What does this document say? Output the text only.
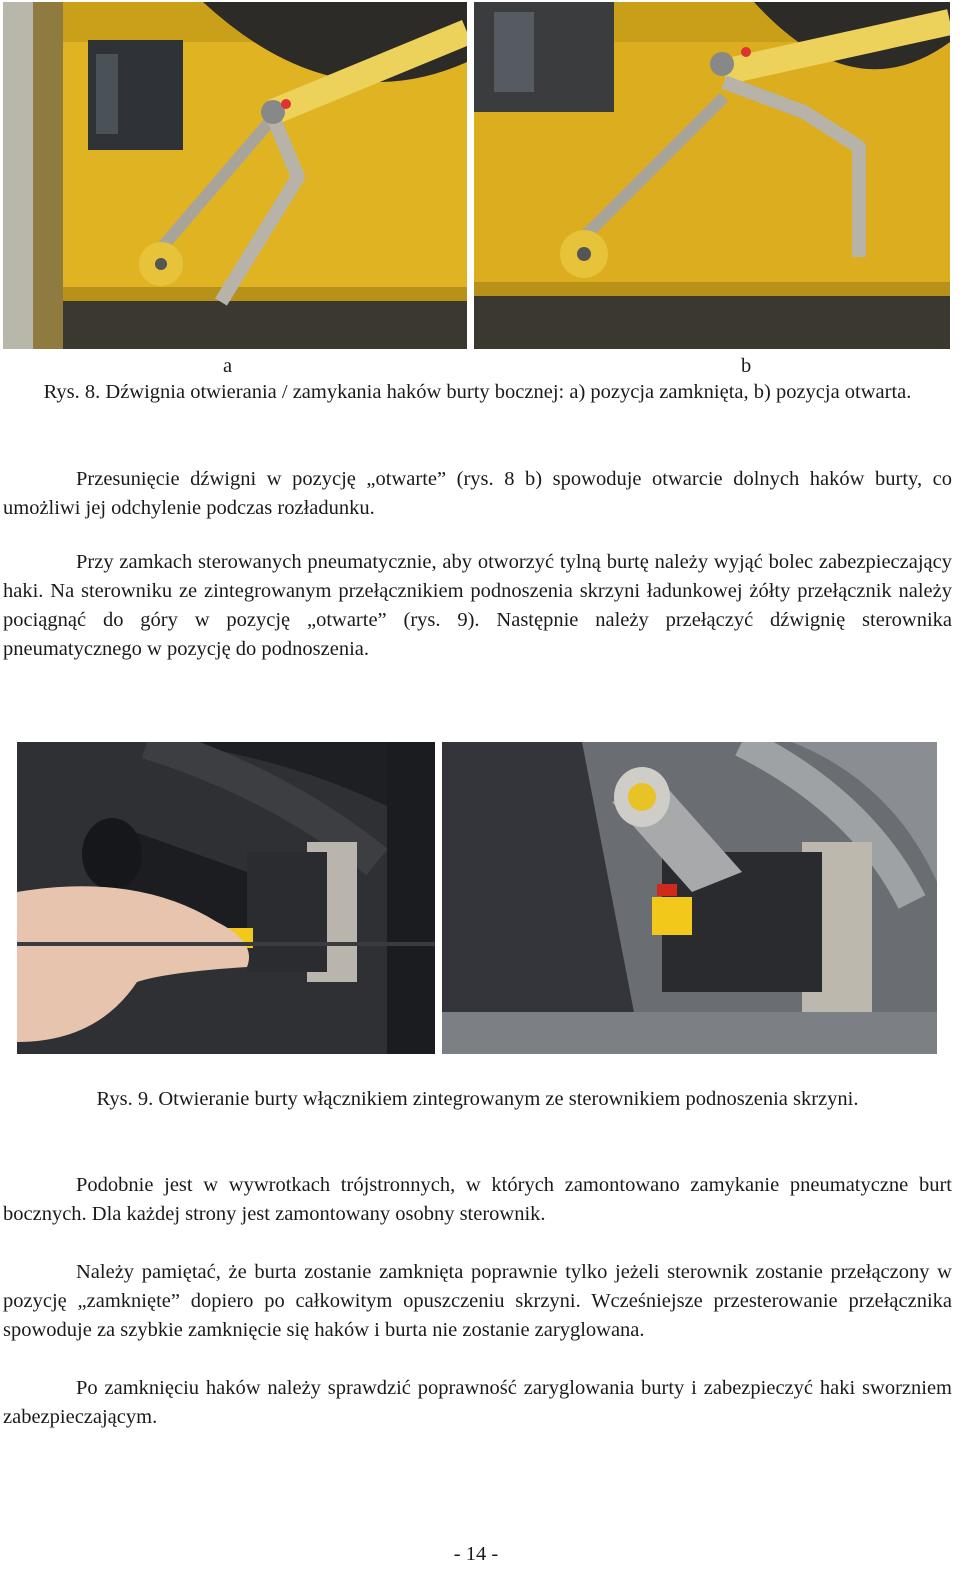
a	b
Rys. 8. Dźwignia otwierania / zamykania haków burty bocznej: a) pozycja zamknięta, b) pozycja otwarta.
Przesunięcie dźwigni w pozycję „otwarte” (rys. 8 b) spowoduje otwarcie dolnych haków burty, co umożliwi jej odchylenie podczas rozładunku.
Przy zamkach sterowanych pneumatycznie, aby otworzyć tylną burtę należy wyjąć bolec zabezpieczający haki. Na sterowniku ze zintegrowanym przełącznikiem podnoszenia skrzyni ładunkowej żółty przełącznik należy pociągnąć do góry w pozycję „otwarte” (rys. 9). Następnie należy przełączyć dźwignię sterownika pneumatycznego w pozycję do podnoszenia.
Rys. 9. Otwieranie burty włącznikiem zintegrowanym ze sterownikiem podnoszenia skrzyni.
Podobnie jest w wywrotkach trójstronnych, w których zamontowano zamykanie pneumatyczne burt bocznych. Dla każdej strony jest zamontowany osobny sterownik.
Należy pamiętać, że burta zostanie zamknięta poprawnie tylko jeżeli sterownik zostanie przełączony w pozycję „zamknięte” dopiero po całkowitym opuszczeniu skrzyni. Wcześniejsze przesterowanie przełącznika spowoduje za szybkie zamknięcie się haków i burta nie zostanie zaryglowana.
Po zamknięciu haków należy sprawdzić poprawność zaryglowania burty i zabezpieczyć haki sworzniem zabezpieczającym.
- 14 -
